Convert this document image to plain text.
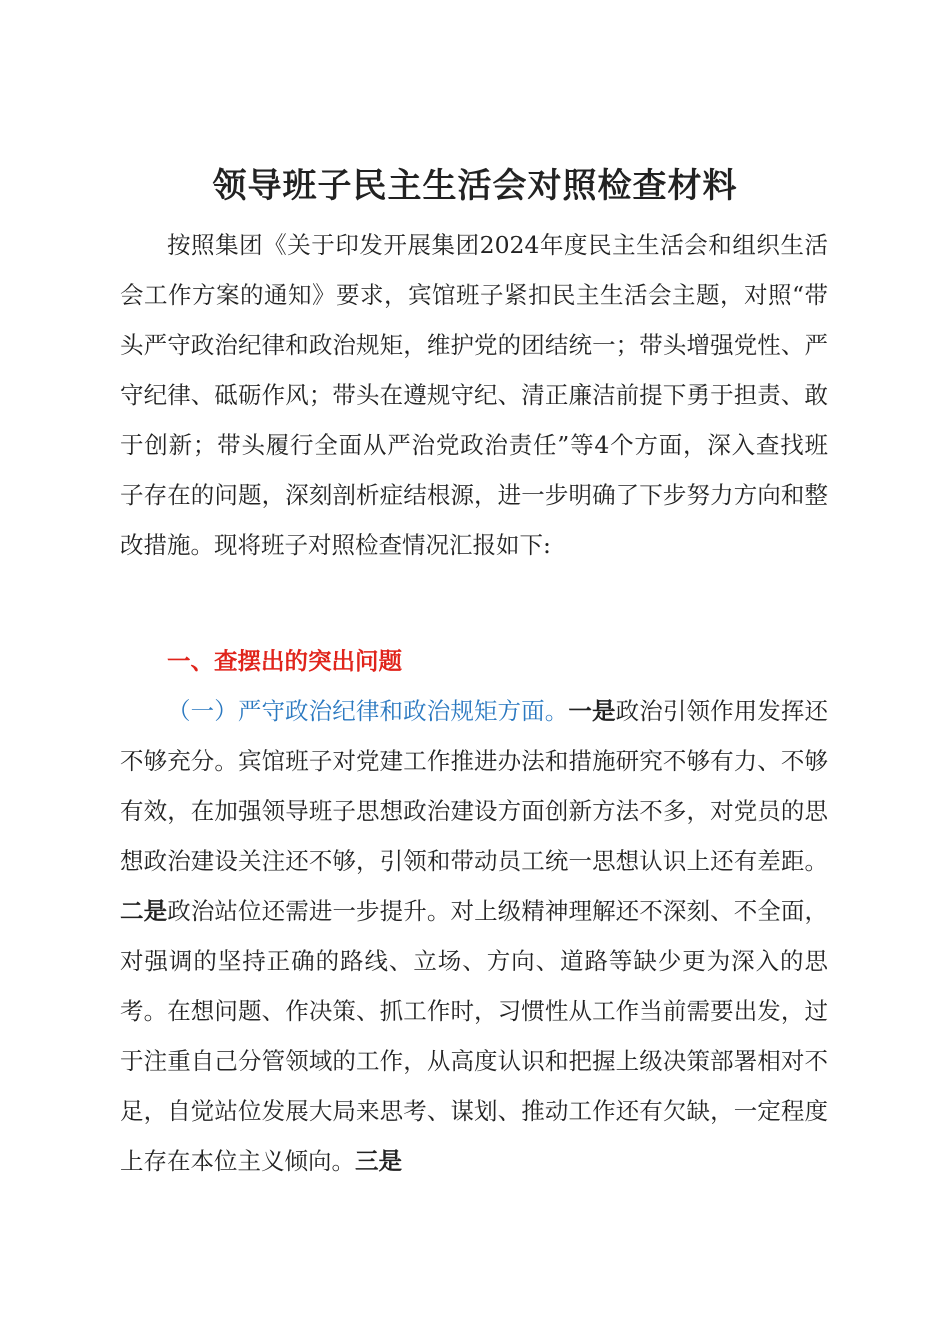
领导班子民主生活会对照检查材料

按照集团《关于印发开展集团2024年度民主生活会和组织生活会工作方案的通知》要求，宾馆班子紧扣民主生活会主题，对照“带头严守政治纪律和政治规矩，维护党的团结统一；带头增强党性、严守纪律、砥砺作风；带头在遵规守纪、清正廉洁前提下勇于担责、敢于创新；带头履行全面从严治党政治责任”等4个方面，深入查找班子存在的问题，深刻剖析症结根源，进一步明确了下步努力方向和整改措施。现将班子对照检查情况汇报如下:

一、查摆出的突出问题

（一）严守政治纪律和政治规矩方面。一是政治引领作用发挥还不够充分。宾馆班子对党建工作推进办法和措施研究不够有力、不够有效，在加强领导班子思想政治建设方面创新方法不多，对党员的思想政治建设关注还不够，引领和带动员工统一思想认识上还有差距。二是政治站位还需进一步提升。对上级精神理解还不深刻、不全面，对强调的坚持正确的路线、立场、方向、道路等缺少更为深入的思考。在想问题、作决策、抓工作时，习惯性从工作当前需要出发，过于注重自己分管领域的工作，从高度认识和把握上级决策部署相对不足，自觉站位发展大局来思考、谋划、推动工作还有欠缺，一定程度上存在本位主义倾向。三是
